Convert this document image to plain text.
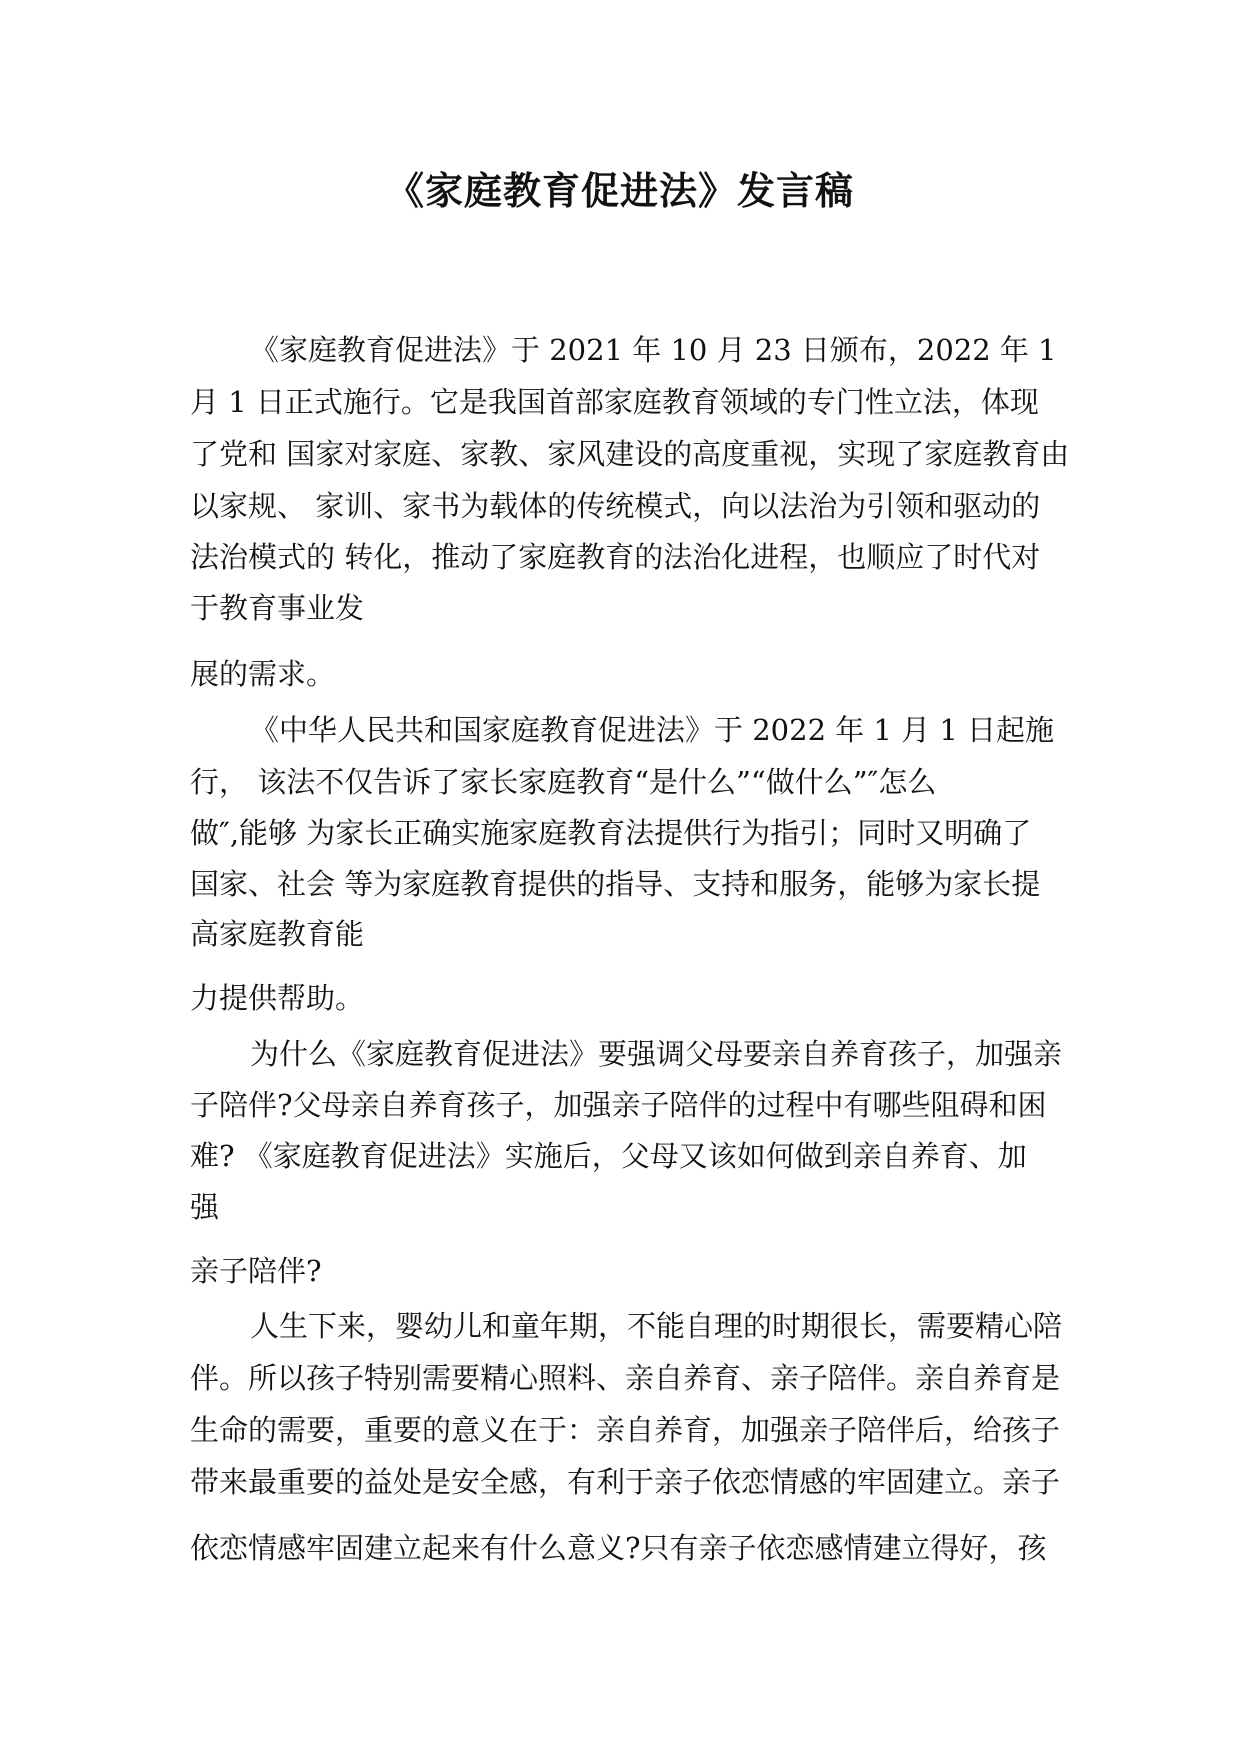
《家庭教育促进法》发言稿
《家庭教育促进法》于 2021 年 10 月 23 日颁布，2022 年 1
月 1 日正式施行。它是我国首部家庭教育领域的专门性立法，体现
了党和 国家对家庭、家教、家风建设的高度重视，实现了家庭教育由
以家规、 家训、家书为载体的传统模式，向以法治为引领和驱动的
法治模式的 转化，推动了家庭教育的法治化进程，也顺应了时代对
于教育事业发
展的需求。
《中华人民共和国家庭教育促进法》于 2022 年 1 月 1 日起施
行， 该法不仅告诉了家长家庭教育“是什么”“做什么”″怎么
做″,能够 为家长正确实施家庭教育法提供行为指引；同时又明确了
国家、社会 等为家庭教育提供的指导、支持和服务，能够为家长提
高家庭教育能
力提供帮助。
为什么《家庭教育促进法》要强调父母要亲自养育孩子，加强亲
子陪伴?父母亲自养育孩子，加强亲子陪伴的过程中有哪些阻碍和困
难? 《家庭教育促进法》实施后，父母又该如何做到亲自养育、加
强
亲子陪伴?
人生下来，婴幼儿和童年期，不能自理的时期很长，需要精心陪
伴。所以孩子特别需要精心照料、亲自养育、亲子陪伴。亲自养育是
生命的需要，重要的意义在于：亲自养育，加强亲子陪伴后，给孩子
带来最重要的益处是安全感，有利于亲子依恋情感的牢固建立。亲子
依恋情感牢固建立起来有什么意义?只有亲子依恋感情建立得好，孩
